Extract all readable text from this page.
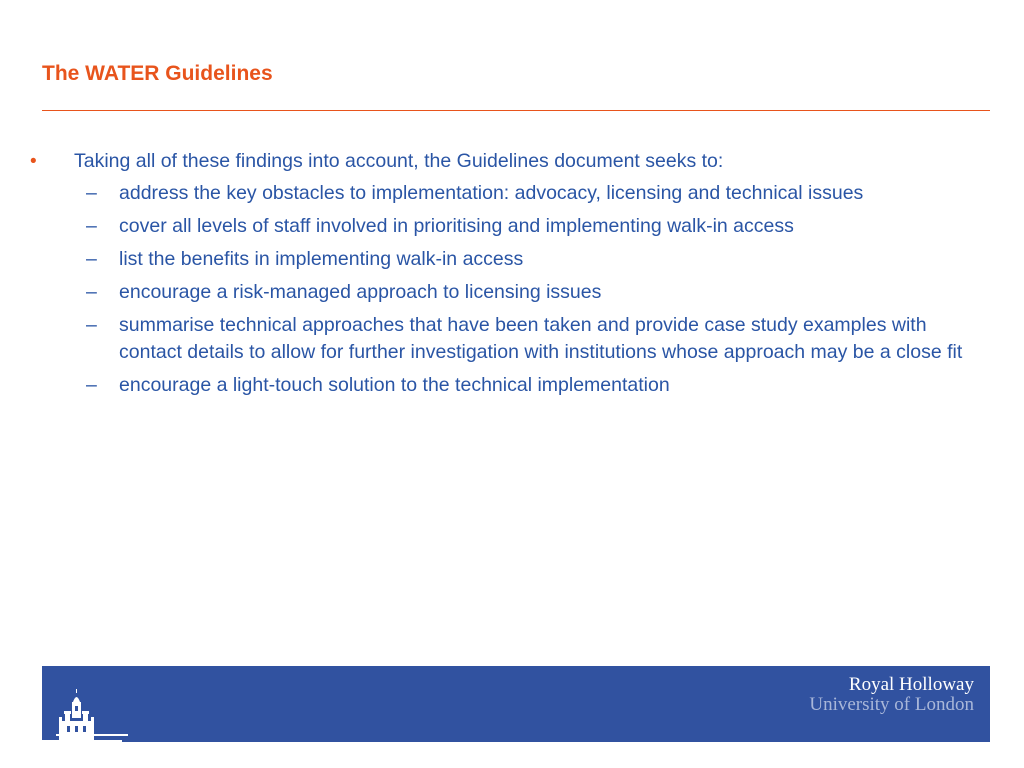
The WATER Guidelines
•	Taking all of these findings into account, the Guidelines document seeks to:
– address the key obstacles to implementation: advocacy, licensing and technical issues
– cover all levels of staff involved in prioritising and implementing walk-in access
– list the benefits in implementing walk-in access
– encourage a risk-managed approach to licensing issues
– summarise technical approaches that have been taken and provide case study examples with contact details to allow for further investigation with institutions whose approach may be a close fit
– encourage a light-touch solution to the technical implementation
Royal Holloway
University of London
